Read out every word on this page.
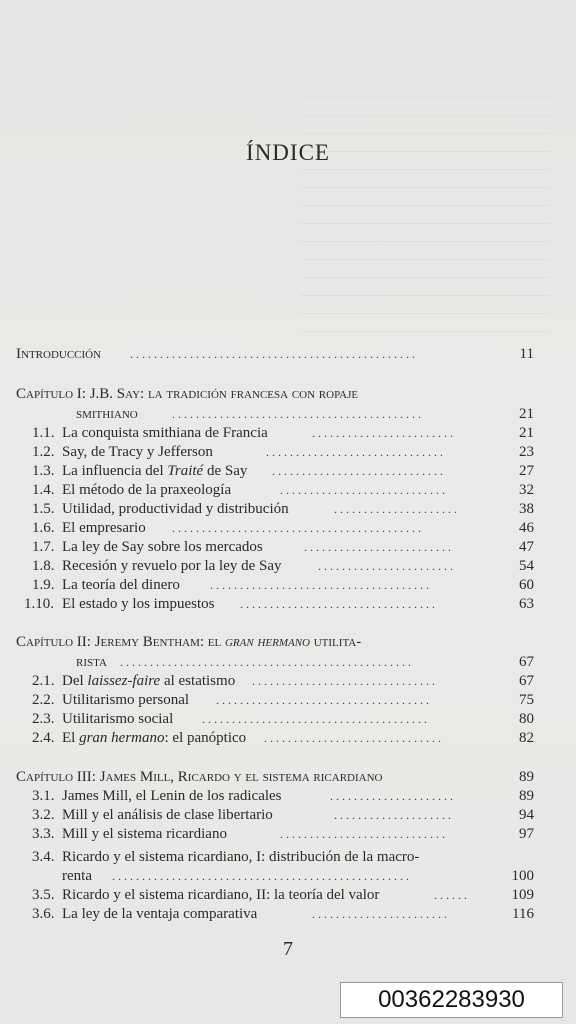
ÍNDICE
Introducción ................................................	11
Capítulo I: J.B. Say: la tradición francesa con ropaje
smithiano	..........................................	21
1.1. La conquista smithiana de Francia	........................	21
1.2. Say, de Tracy y Jefferson	..............................	23
1.3. La influencia del Traité de Say .............................	27
1.4. El método de la praxeología	............................	32
1.5. Utilidad, productividad y distribución	.....................	38
1.6. El empresario ..........................................	46
1.7. La ley de Say sobre los mercados	.........................	47
1.8. Recesión y revuelo por la ley de Say	.......................	54
1.9. La teoría del dinero	.....................................	60
1.10. El estado y los impuestos .................................	63
Capítulo II: Jeremy Bentham: el gran hermano utilita-
rista .................................................	67
2.1. Del laissez-faire al estatismo ...............................	67
2.2. Utilitarismo personal ....................................	75
2.3. Utilitarismo social ......................................	80
2.4. El gran hermano: el panóptico ..............................	82
Capítulo III: James Mill, Ricardo y el sistema ricardiano	89
3.1. James Mill, el Lenin de los radicales	.....................	89
3.2. Mill y el análisis de clase libertario	....................	94
3.3. Mill y el sistema ricardiano	............................	97
3.4. Ricardo y el sistema ricardiano, I: distribución de la macro-
renta ..................................................	100
3.5. Ricardo y el sistema ricardiano, II: la teoría del valor	......	109
3.6. La ley de la ventaja comparativa	.......................	116
7
00362283930
